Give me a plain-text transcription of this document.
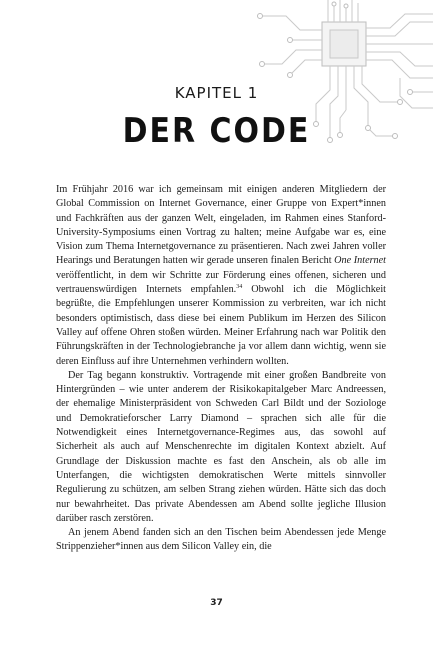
KAPITEL 1
DER CODE

Im Frühjahr 2016 war ich gemeinsam mit einigen anderen Mitgliedern der Global Commission on Internet Governance, einer Gruppe von Expert*innen und Fachkräften aus der ganzen Welt, eingeladen, im Rahmen eines Stanford-University-Symposiums einen Vortrag zu halten; meine Aufgabe war es, eine Vision zum Thema Internetgovernance zu präsentieren. Nach zwei Jahren voller Hearings und Beratungen hatten wir gerade unseren finalen Bericht One Internet veröffentlicht, in dem wir Schritte zur Förderung eines offenen, sicheren und vertrauenswürdigen Internets empfahlen.$^{34}$ Obwohl ich die Möglichkeit begrüßte, die Empfehlungen unserer Kommission zu verbreiten, war ich nicht besonders optimistisch, dass diese bei einem Publikum im Herzen des Silicon Valley auf offene Ohren stoßen würden. Meiner Erfahrung nach war Politik den Führungskräften in der Technologiebranche ja vor allem dann wichtig, wenn sie deren Einfluss auf ihre Unternehmen verhindern wollten.

Der Tag begann konstruktiv. Vortragende mit einer großen Bandbreite von Hintergründen – wie unter anderem der Risikokapitalgeber Marc Andreessen, der ehemalige Ministerpräsident von Schweden Carl Bildt und der Soziologe und Demokratieforscher Larry Diamond – sprachen sich alle für die Notwendigkeit eines Internetgovernance-Regimes aus, das sowohl auf Sicherheit als auch auf Menschenrechte im digitalen Kontext abzielt. Auf Grundlage der Diskussion machte es fast den Anschein, als ob alle im Unterfangen, die wichtigsten demokratischen Werte mittels sinnvoller Regulierung zu schützen, am selben Strang ziehen würden. Hätte sich das doch nur bewahrheitet. Das private Abendessen am Abend sollte jegliche Illusion darüber rasch zerstören.

An jenem Abend fanden sich an den Tischen beim Abendessen jede Menge Strippenzieher*innen aus dem Silicon Valley ein, die

37
